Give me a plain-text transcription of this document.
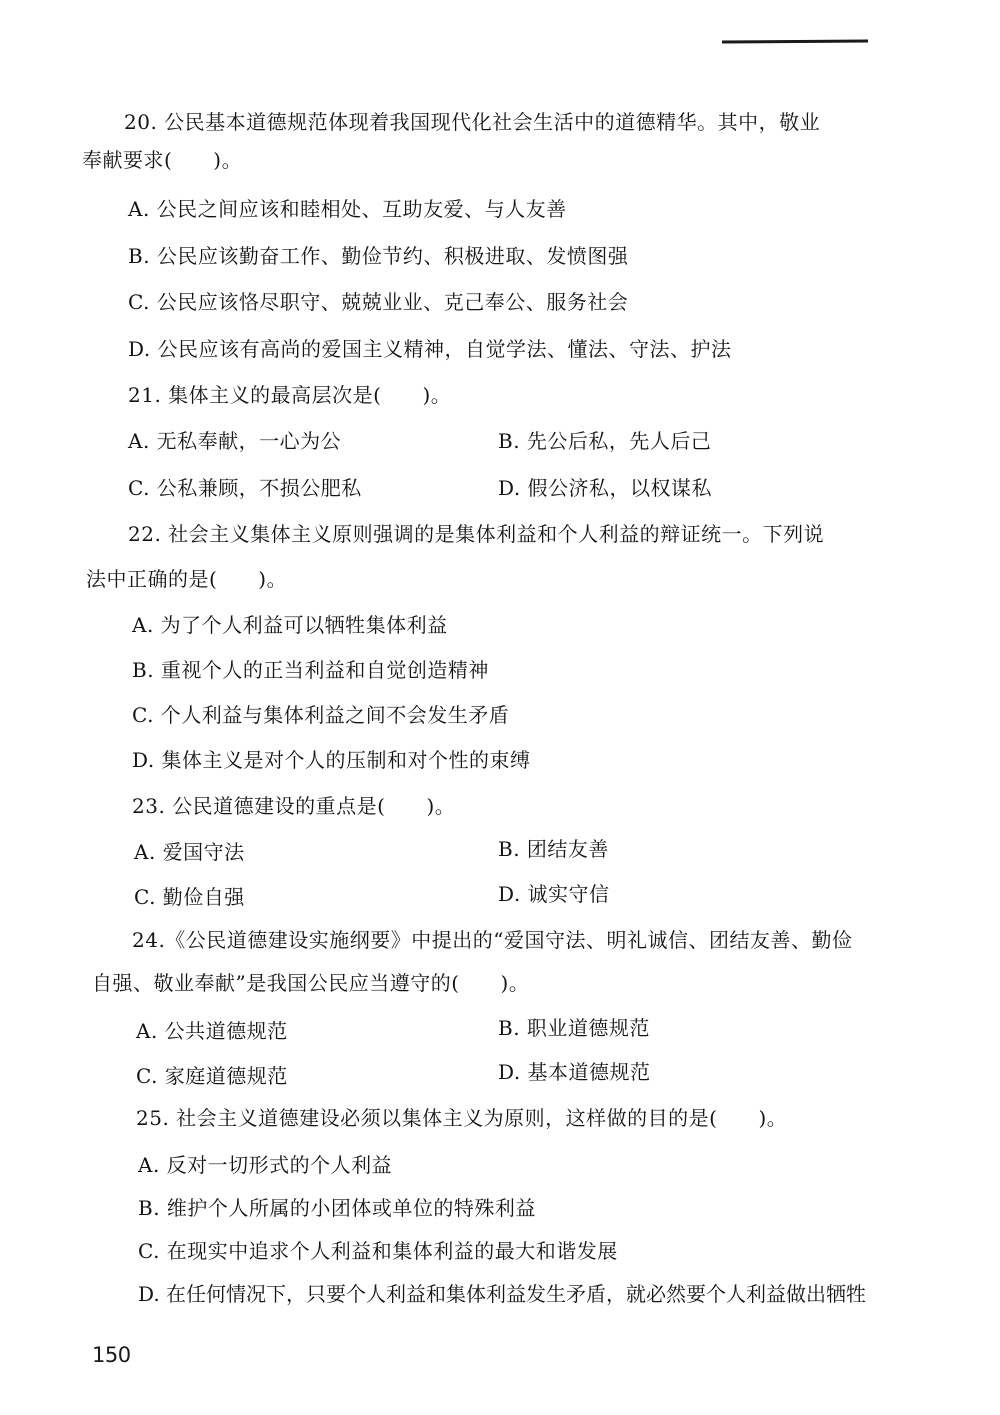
20. 公民基本道德规范体现着我国现代化社会生活中的道德精华。其中，敬业
奉献要求(　　)。
A. 公民之间应该和睦相处、互助友爱、与人友善
B. 公民应该勤奋工作、勤俭节约、积极进取、发愤图强
C. 公民应该恪尽职守、兢兢业业、克己奉公、服务社会
D. 公民应该有高尚的爱国主义精神，自觉学法、懂法、守法、护法
21. 集体主义的最高层次是(　　)。
A. 无私奉献，一心为公	B. 先公后私，先人后己
C. 公私兼顾，不损公肥私	D. 假公济私，以权谋私
22. 社会主义集体主义原则强调的是集体利益和个人利益的辩证统一。下列说
法中正确的是(　　)。
A. 为了个人利益可以牺牲集体利益
B. 重视个人的正当利益和自觉创造精神
C. 个人利益与集体利益之间不会发生矛盾
D. 集体主义是对个人的压制和对个性的束缚
23. 公民道德建设的重点是(　　)。
A. 爱国守法	B. 团结友善
C. 勤俭自强	D. 诚实守信
24.《公民道德建设实施纲要》中提出的“爱国守法、明礼诚信、团结友善、勤俭
自强、敬业奉献”是我国公民应当遵守的(　　)。
A. 公共道德规范	B. 职业道德规范
C. 家庭道德规范	D. 基本道德规范
25. 社会主义道德建设必须以集体主义为原则，这样做的目的是(　　)。
A. 反对一切形式的个人利益
B. 维护个人所属的小团体或单位的特殊利益
C. 在现实中追求个人利益和集体利益的最大和谐发展
D. 在任何情况下，只要个人利益和集体利益发生矛盾，就必然要个人利益做出牺牲
150
